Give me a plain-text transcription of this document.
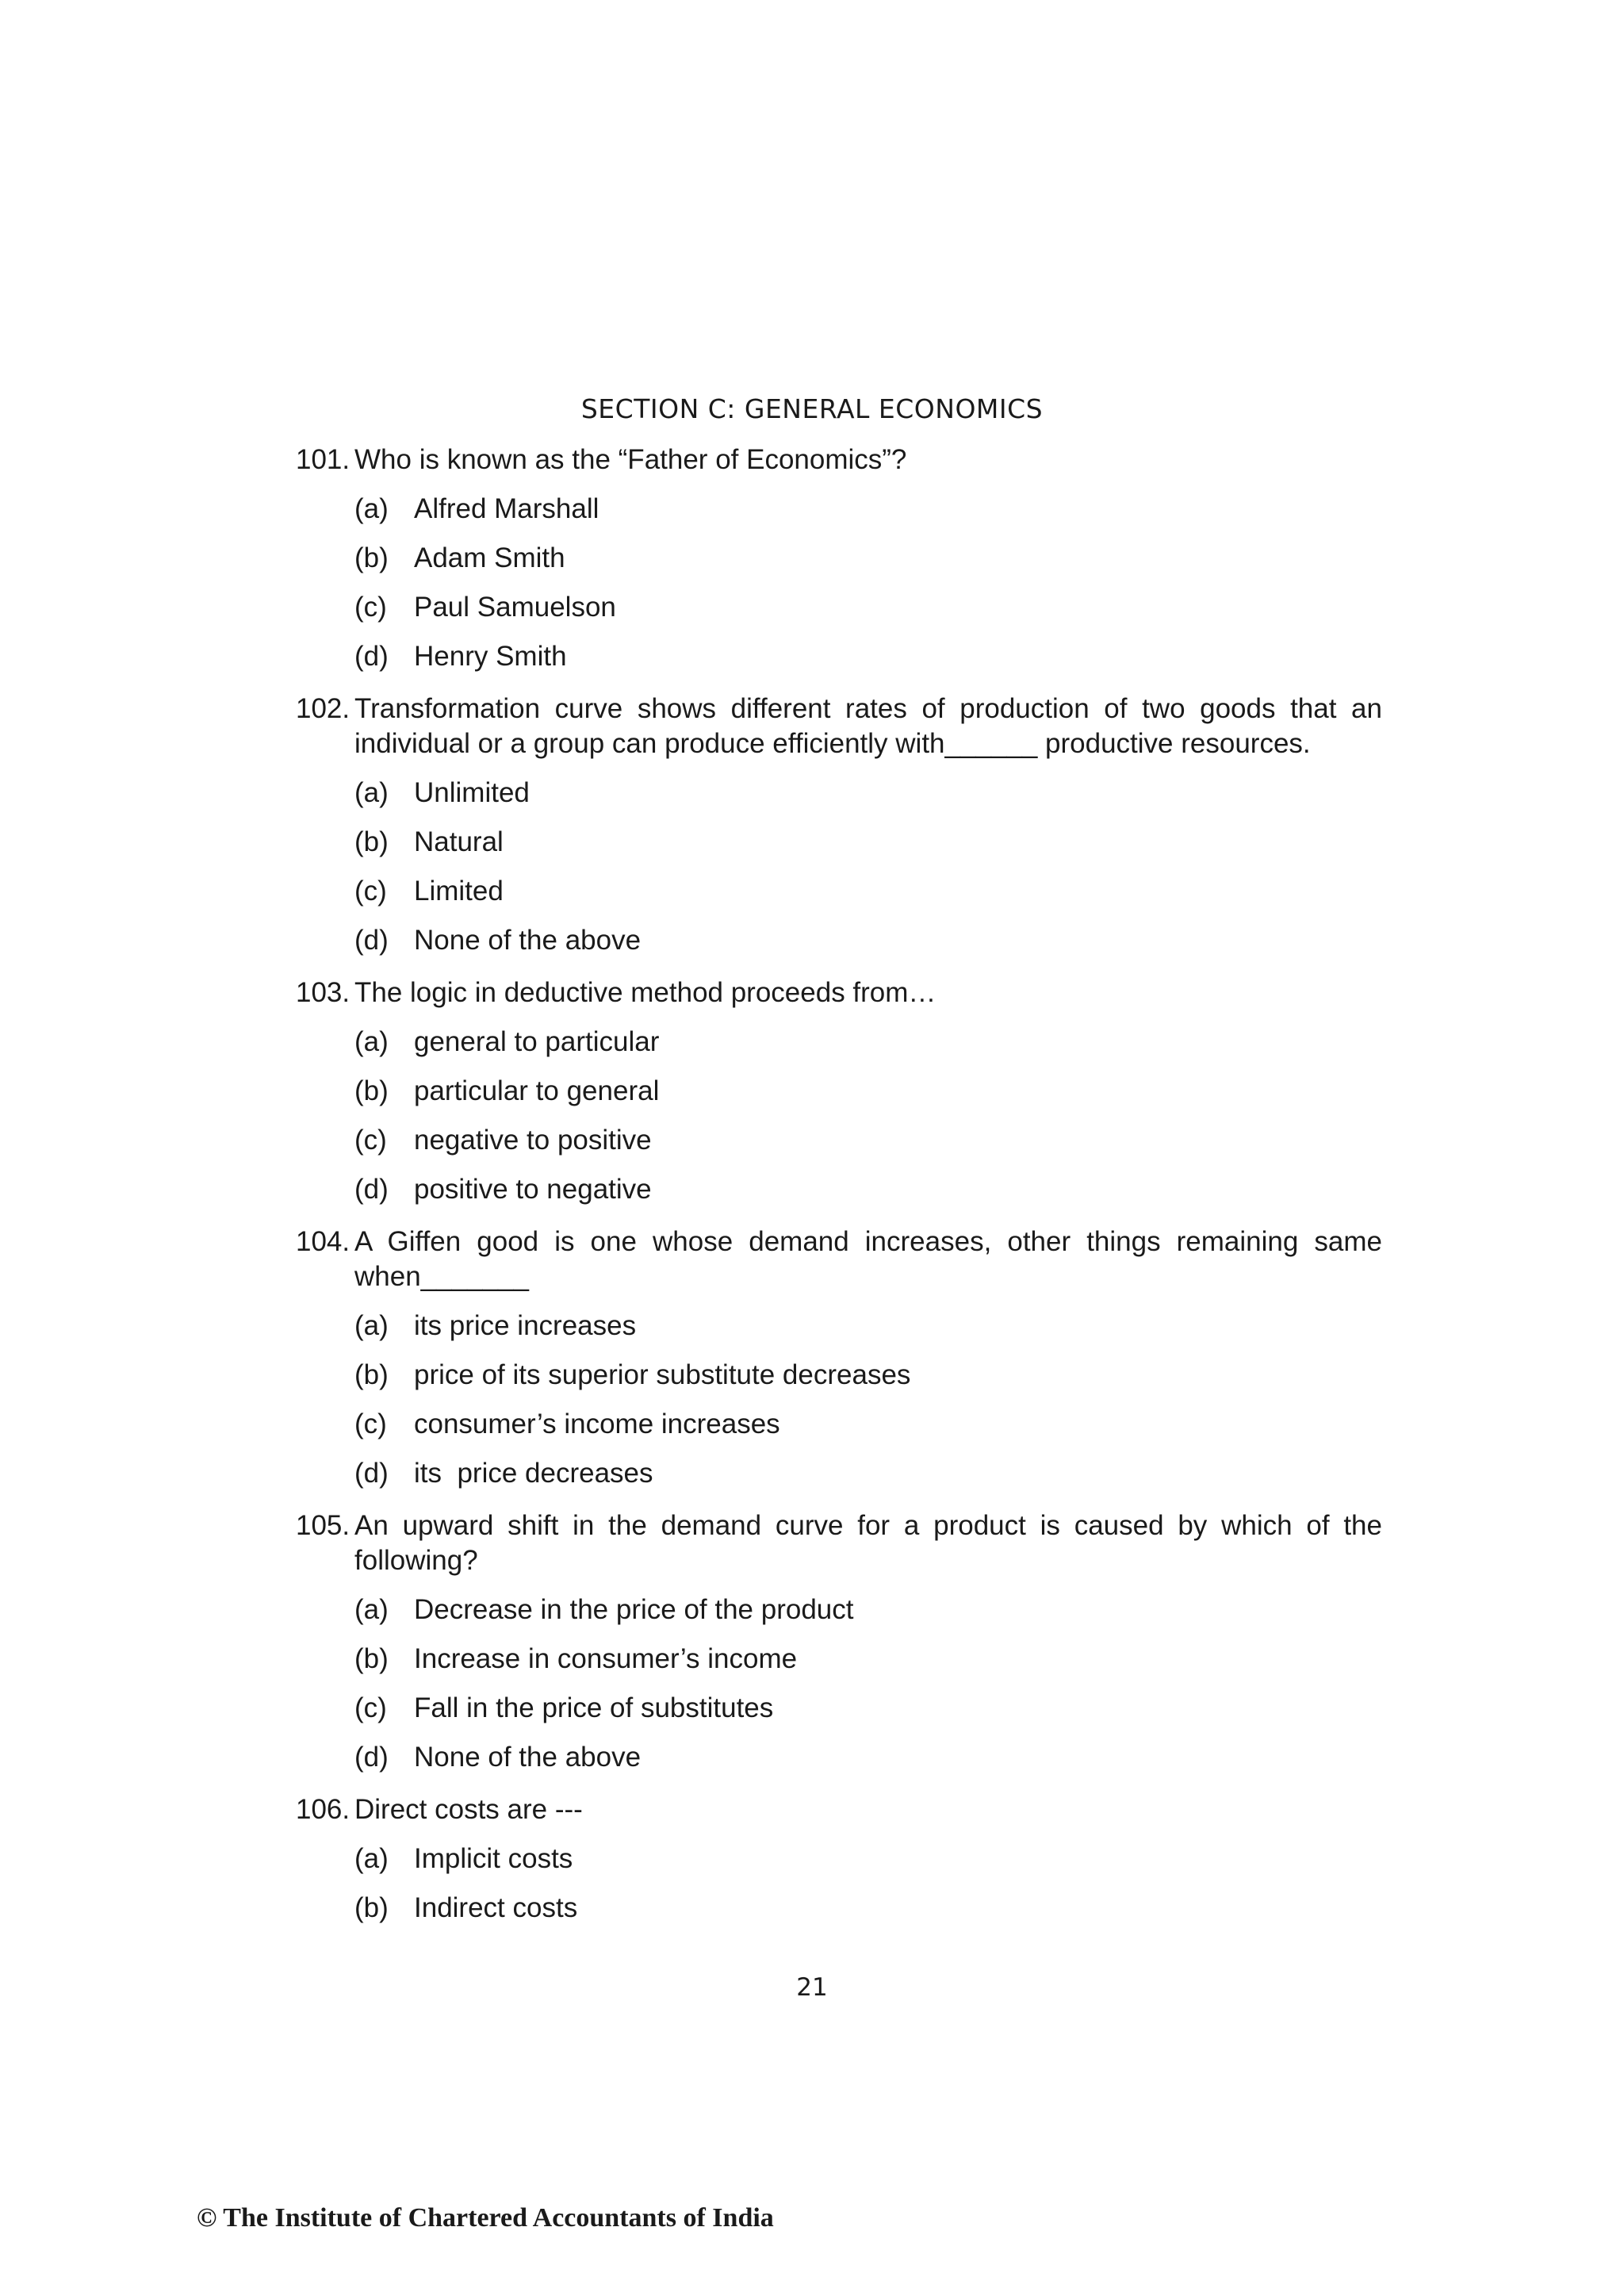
SECTION C: GENERAL ECONOMICS
101. Who is known as the “Father of Economics”?
(a) Alfred Marshall
(b) Adam Smith
(c) Paul Samuelson
(d) Henry Smith
102. Transformation curve shows different rates of production of two goods that an individual or a group can produce efficiently with______ productive resources.
(a) Unlimited
(b) Natural
(c) Limited
(d) None of the above
103. The logic in deductive method proceeds from…
(a) general to particular
(b) particular to general
(c) negative to positive
(d) positive to negative
104. A Giffen good is one whose demand increases, other things remaining same when_______
(a) its price increases
(b) price of its superior substitute decreases
(c) consumer’s income increases
(d) its  price decreases
105. An upward shift in the demand curve for a product is caused by which of the following?
(a) Decrease in the price of the product
(b) Increase in consumer’s income
(c) Fall in the price of substitutes
(d) None of the above
106. Direct costs are ---
(a) Implicit costs
(b) Indirect costs
21
© The Institute of Chartered Accountants of India
